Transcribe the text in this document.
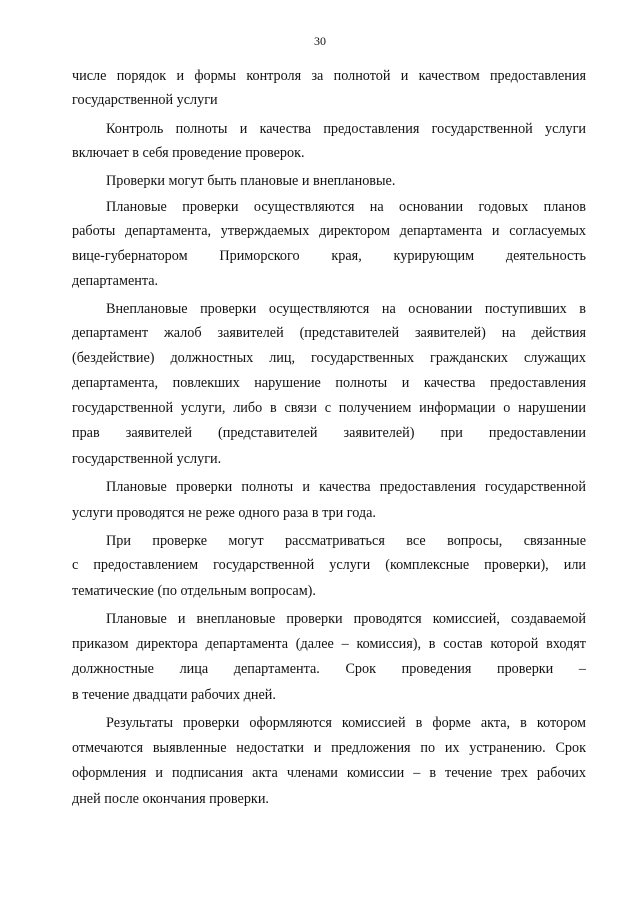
30
числе порядок и формы контроля за полнотой и качеством предоставления
государственной услуги
Контроль полноты и качества предоставления государственной услуги
включает в себя проведение проверок.
Проверки могут быть плановые и внеплановые.
Плановые проверки осуществляются на основании годовых планов
работы департамента, утверждаемых директором департамента и согласуемых
вице-губернатором Приморского края, курирующим деятельность
департамента.
Внеплановые проверки осуществляются на основании поступивших в
департамент жалоб заявителей (представителей заявителей) на действия
(бездействие) должностных лиц, государственных гражданских служащих
департамента, повлекших нарушение полноты и качества предоставления
государственной услуги, либо в связи с получением информации о нарушении
прав заявителей (представителей заявителей) при предоставлении
государственной услуги.
Плановые проверки полноты и качества предоставления государственной
услуги проводятся не реже одного раза в три года.
При проверке могут рассматриваться все вопросы, связанные
с предоставлением государственной услуги (комплексные проверки), или
тематические (по отдельным вопросам).
Плановые и внеплановые проверки проводятся комиссией, создаваемой
приказом директора департамента (далее – комиссия), в состав которой входят
должностные лица департамента. Срок проведения проверки –
в течение двадцати рабочих дней.
Результаты проверки оформляются комиссией в форме акта, в котором
отмечаются выявленные недостатки и предложения по их устранению. Срок
оформления и подписания акта членами комиссии – в течение трех рабочих
дней после окончания проверки.
